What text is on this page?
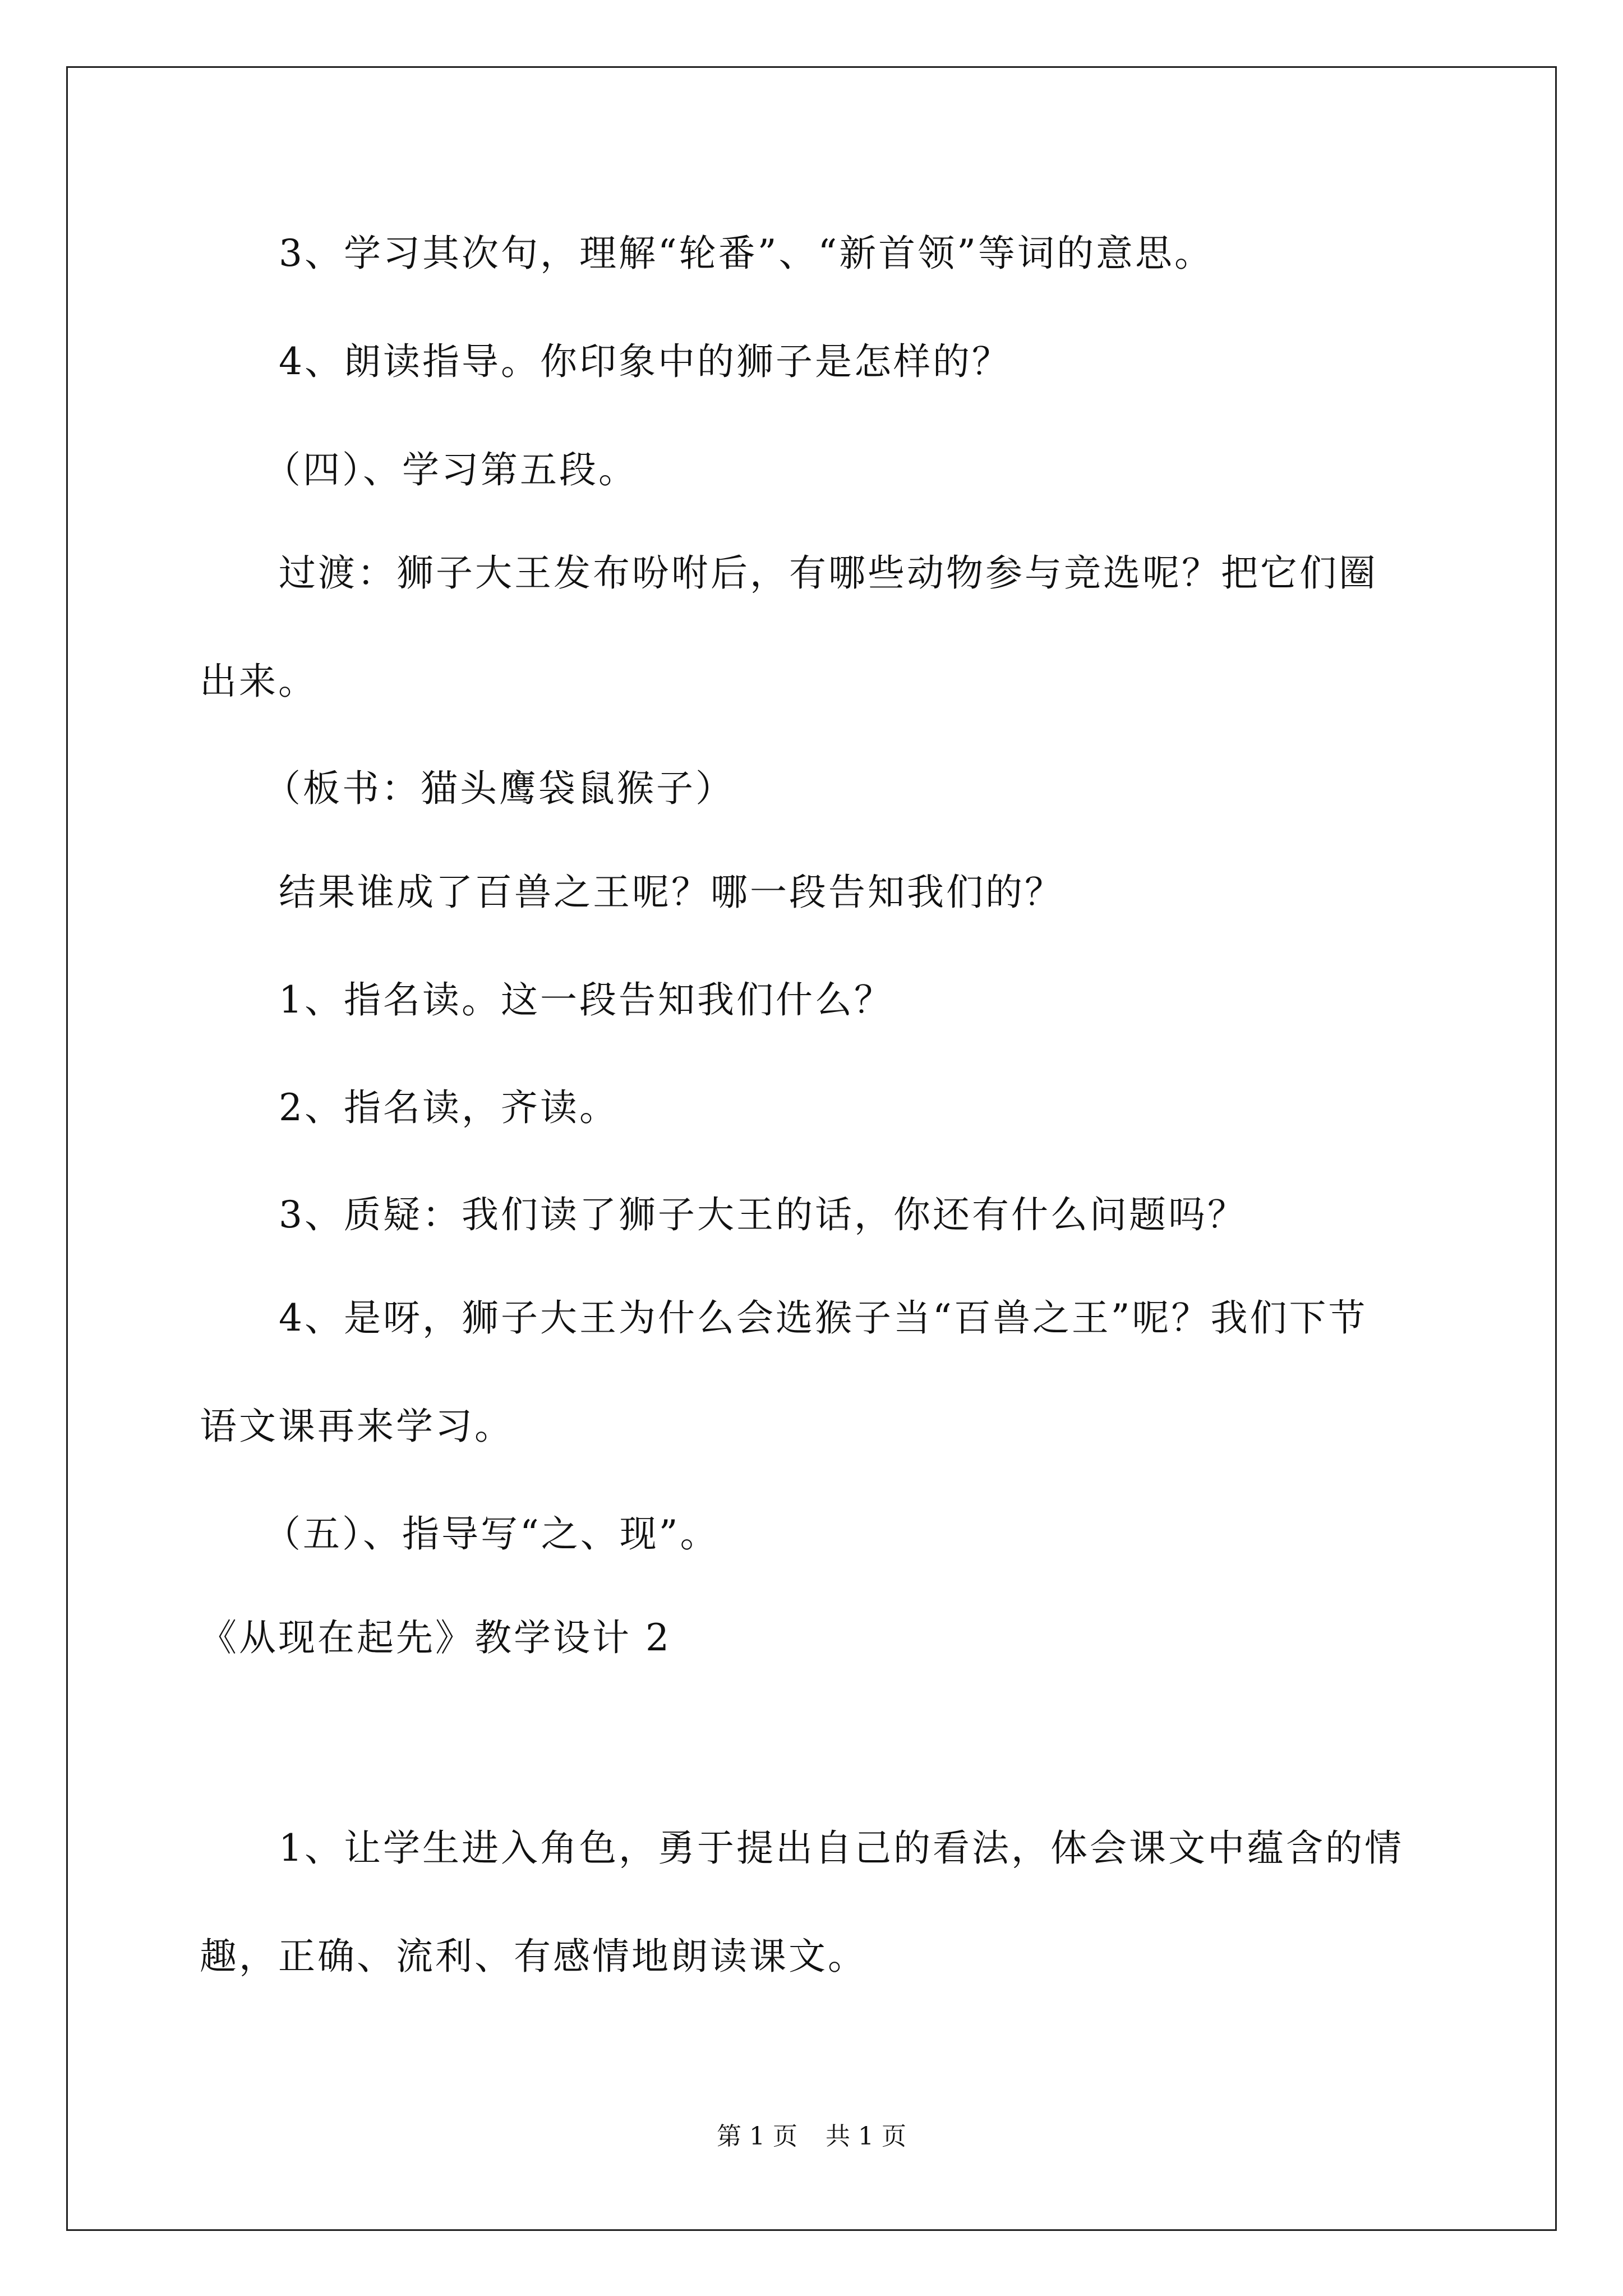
3、学习其次句，理解“轮番”、“新首领”等词的意思。
4、朗读指导。你印象中的狮子是怎样的？
（四）、学习第五段。
过渡：狮子大王发布吩咐后，有哪些动物参与竞选呢？把它们圈
出来。
（板书：猫头鹰袋鼠猴子）
结果谁成了百兽之王呢？哪一段告知我们的？
1、指名读。这一段告知我们什么？
2、指名读，齐读。
3、质疑：我们读了狮子大王的话，你还有什么问题吗？
4、是呀，狮子大王为什么会选猴子当“百兽之王”呢？我们下节
语文课再来学习。
（五）、指导写“之、现”。
《从现在起先》教学设计 2
1、让学生进入角色，勇于提出自己的看法，体会课文中蕴含的情
趣，正确、流利、有感情地朗读课文。
第 1 页 共 1 页
